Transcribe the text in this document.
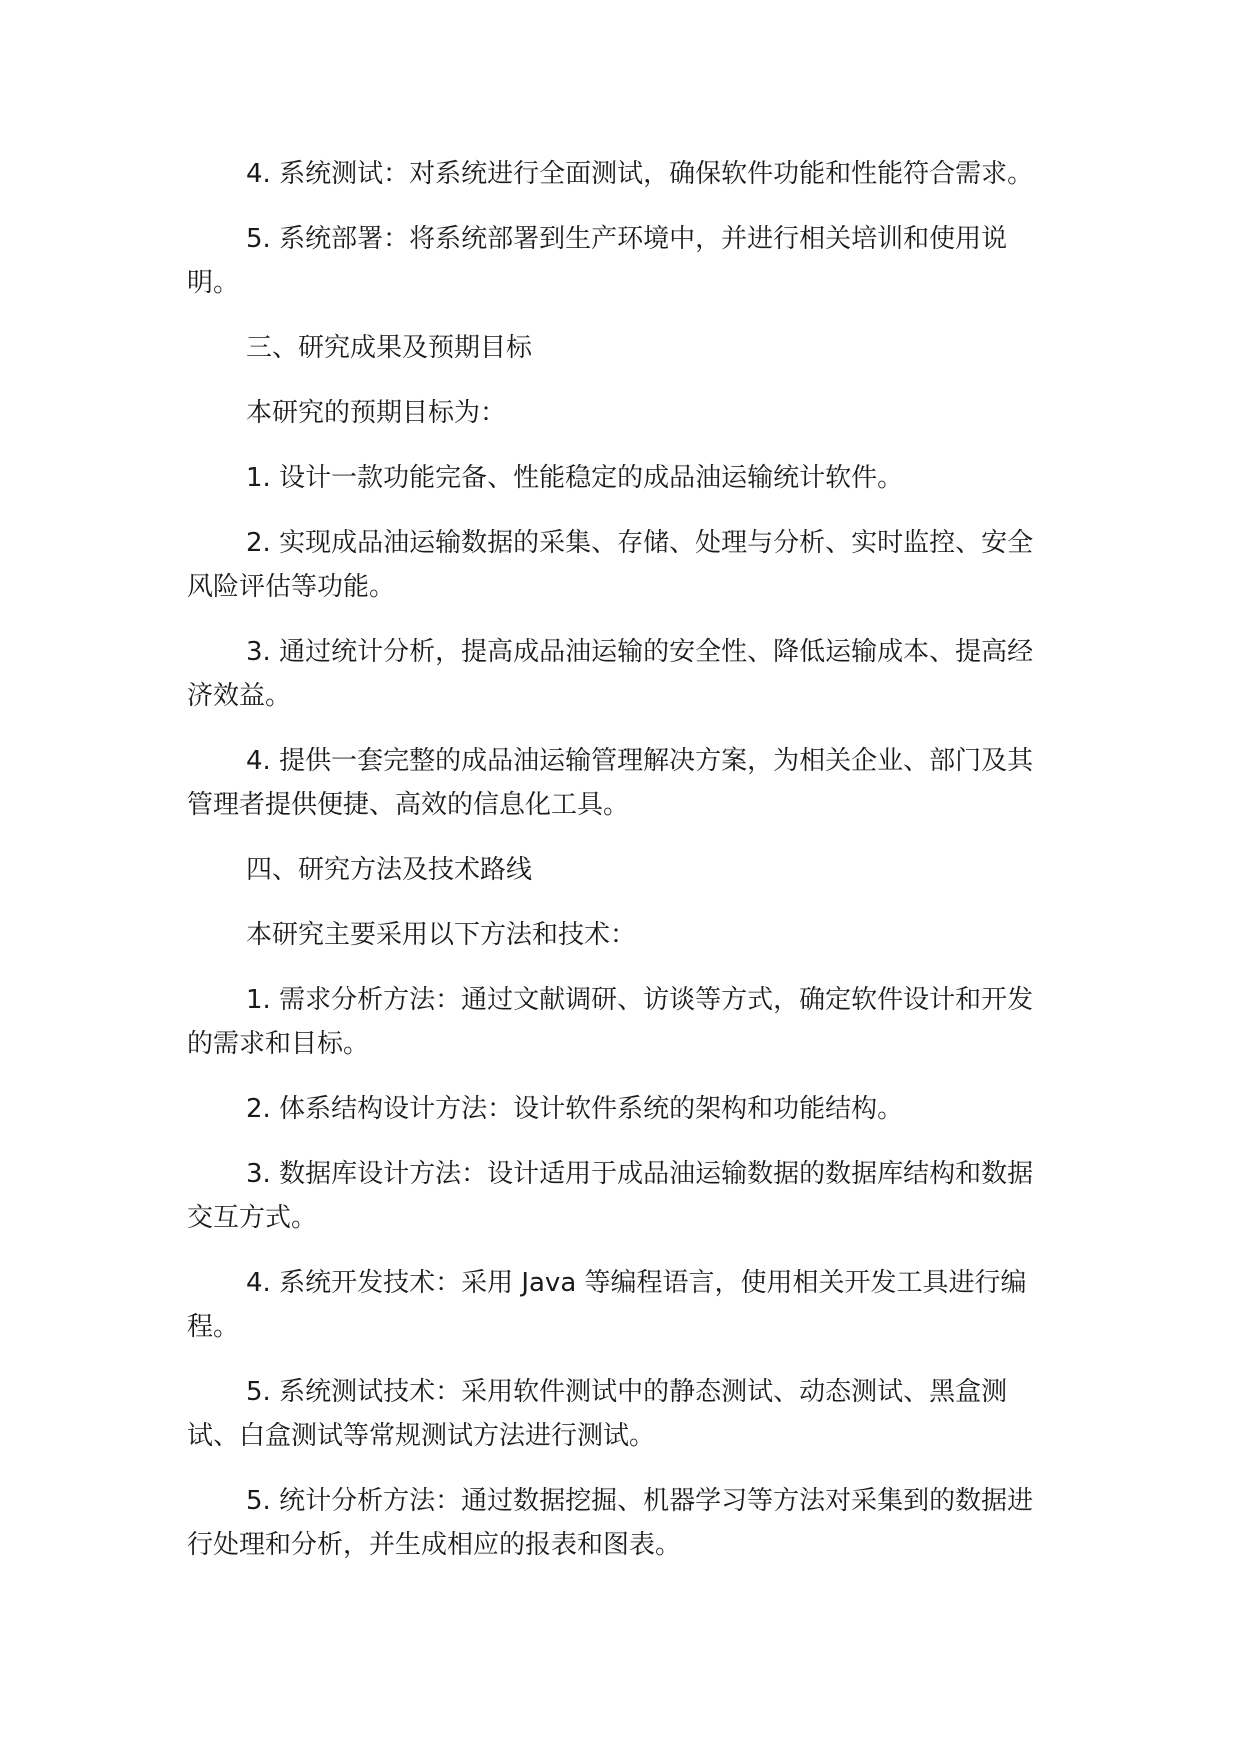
4. 系统测试：对系统进行全面测试，确保软件功能和性能符合需求。

5. 系统部署：将系统部署到生产环境中，并进行相关培训和使用说明。

三、研究成果及预期目标

本研究的预期目标为：

1. 设计一款功能完备、性能稳定的成品油运输统计软件。

2. 实现成品油运输数据的采集、存储、处理与分析、实时监控、安全风险评估等功能。

3. 通过统计分析，提高成品油运输的安全性、降低运输成本、提高经济效益。

4. 提供一套完整的成品油运输管理解决方案，为相关企业、部门及其管理者提供便捷、高效的信息化工具。

四、研究方法及技术路线

本研究主要采用以下方法和技术：

1. 需求分析方法：通过文献调研、访谈等方式，确定软件设计和开发的需求和目标。

2. 体系结构设计方法：设计软件系统的架构和功能结构。

3. 数据库设计方法：设计适用于成品油运输数据的数据库结构和数据交互方式。

4. 系统开发技术：采用 Java 等编程语言，使用相关开发工具进行编程。

5. 系统测试技术：采用软件测试中的静态测试、动态测试、黑盒测试、白盒测试等常规测试方法进行测试。

5. 统计分析方法：通过数据挖掘、机器学习等方法对采集到的数据进行处理和分析，并生成相应的报表和图表。
